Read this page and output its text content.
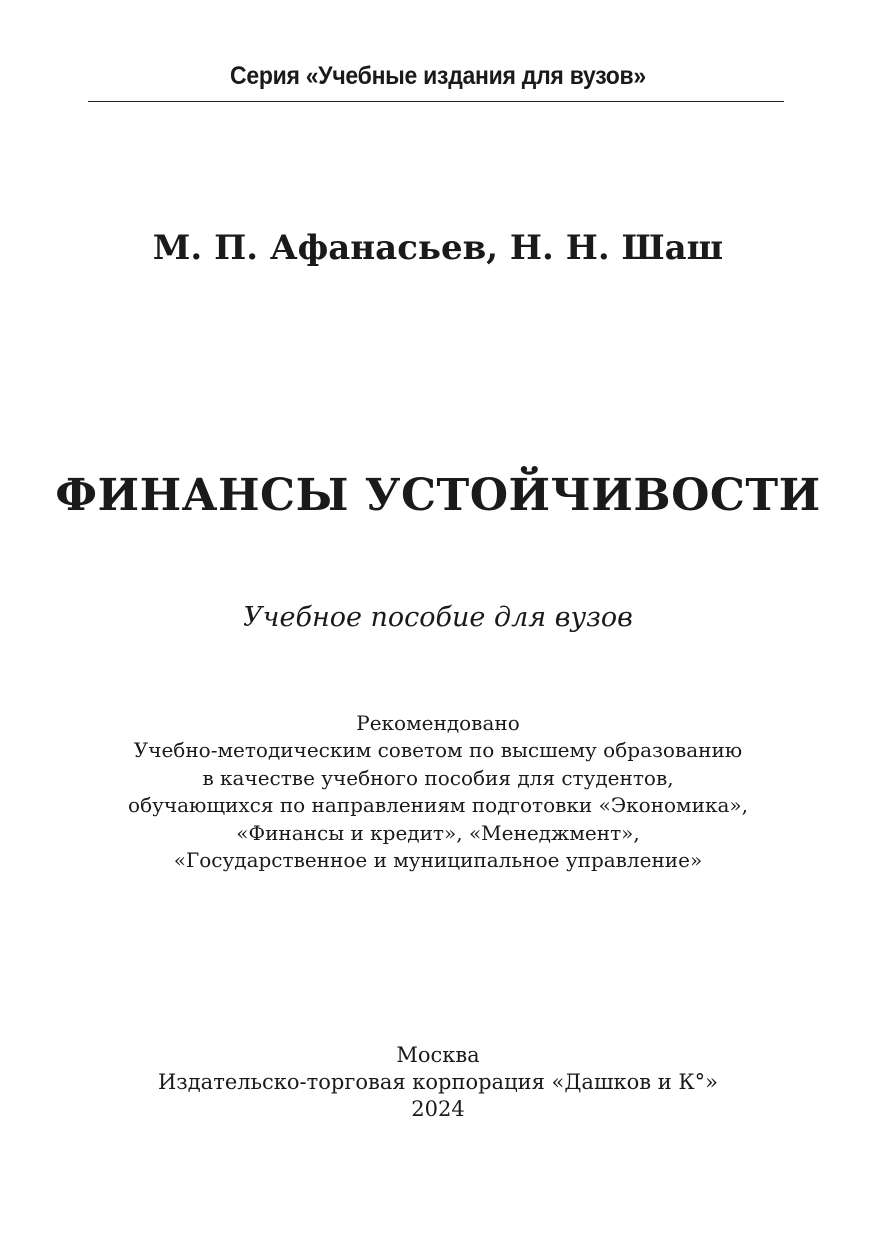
Серия «Учебные издания для вузов»
М. П. Афанасьев, Н. Н. Шаш
ФИНАНСЫ УСТОЙЧИВОСТИ
Учебное пособие для вузов
Рекомендовано
Учебно-методическим советом по высшему образованию
в качестве учебного пособия для студентов,
обучающихся по направлениям подготовки «Экономика»,
«Финансы и кредит», «Менеджмент»,
«Государственное и муниципальное управление»
Москва
Издательско-торговая корпорация «Дашков и К°»
2024
